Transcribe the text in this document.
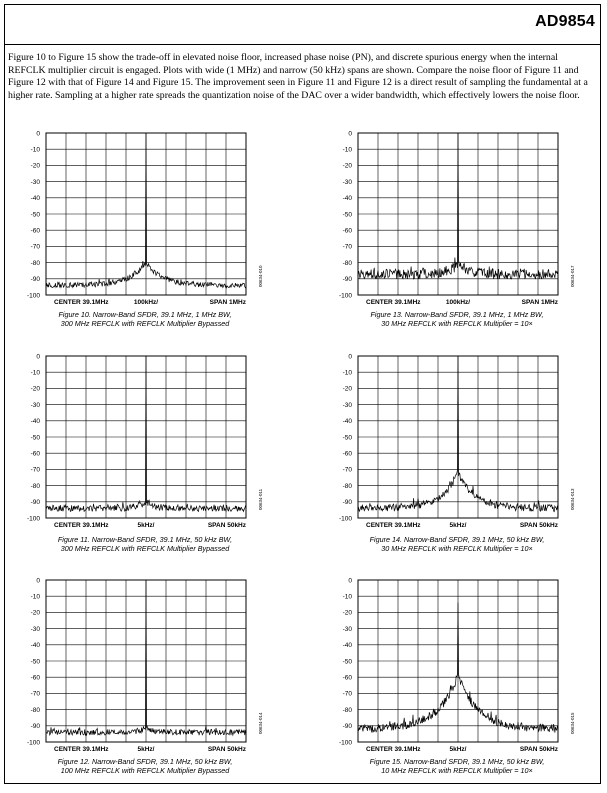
AD9854
Figure 10 to Figure 15 show the trade-off in elevated noise floor, increased phase noise (PN), and discrete spurious energy when the internal REFCLK multiplier circuit is engaged. Plots with wide (1 MHz) and narrow (50 kHz) spans are shown. Compare the noise floor of Figure 11 and Figure 12 with that of Figure 14 and Figure 15. The improvement seen in Figure 11 and Figure 12 is a direct result of sampling the fundamental at a higher rate. Sampling at a higher rate spreads the quantization noise of the DAC over a wider bandwidth, which effectively lowers the noise floor.
0
-10
-20
-30
-40
-50
-60
-70
-80
-90
-100
CENTER 39.1MHz	100kHz/	SPAN 1MHz
00634-010
Figure 10. Narrow-Band SFDR, 39.1 MHz, 1 MHz BW,
300 MHz REFCLK with REFCLK Multiplier Bypassed
0
-10
-20
-30
-40
-50
-60
-70
-80
-90
-100
CENTER 39.1MHz	100kHz/	SPAN 1MHz
00634-017
Figure 13. Narrow-Band SFDR, 39.1 MHz, 1 MHz BW,
30 MHz REFCLK with REFCLK Multiplier = 10×
0
-10
-20
-30
-40
-50
-60
-70
-80
-90
-100
CENTER 39.1MHz	5kHz/	SPAN 50kHz
00634-011
Figure 11. Narrow-Band SFDR, 39.1 MHz, 50 kHz BW,
300 MHz REFCLK with REFCLK Multiplier Bypassed
0
-10
-20
-30
-40
-50
-60
-70
-80
-90
-100
CENTER 39.1MHz	5kHz/	SPAN 50kHz
00634-013
Figure 14. Narrow-Band SFDR, 39.1 MHz, 50 kHz BW,
30 MHz REFCLK with REFCLK Multiplier = 10×
0
-10
-20
-30
-40
-50
-60
-70
-80
-90
-100
CENTER 39.1MHz	5kHz/	SPAN 50kHz
00634-014
Figure 12. Narrow-Band SFDR, 39.1 MHz, 50 kHz BW,
100 MHz REFCLK with REFCLK Multiplier Bypassed
0
-10
-20
-30
-40
-50
-60
-70
-80
-90
-100
CENTER 39.1MHz	5kHz/	SPAN 50kHz
00634-015
Figure 15. Narrow-Band SFDR, 39.1 MHz, 50 kHz BW,
10 MHz REFCLK with REFCLK Multiplier = 10×
